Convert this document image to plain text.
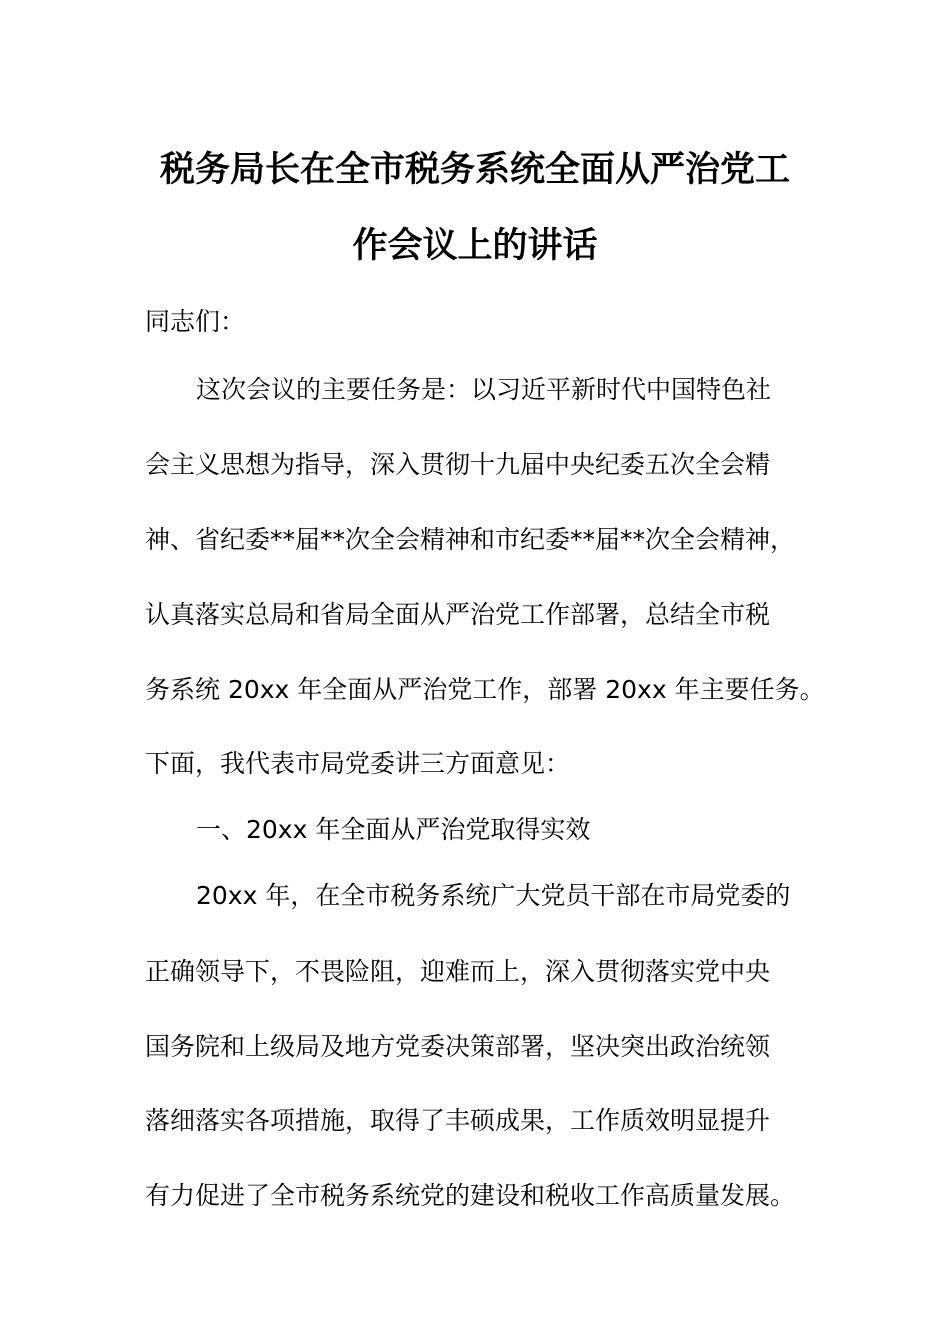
税务局长在全市税务系统全面从严治党工
作会议上的讲话
同志们：
这次会议的主要任务是：以习近平新时代中国特色社
会主义思想为指导，深入贯彻十九届中央纪委五次全会精
神、省纪委**届**次全会精神和市纪委**届**次全会精神，
认真落实总局和省局全面从严治党工作部署，总结全市税
务系统 20xx 年全面从严治党工作，部署 20xx 年主要任务。
下面，我代表市局党委讲三方面意见：
一、20xx 年全面从严治党取得实效
20xx 年，在全市税务系统广大党员干部在市局党委的
正确领导下，不畏险阻，迎难而上，深入贯彻落实党中央
国务院和上级局及地方党委决策部署，坚决突出政治统领
落细落实各项措施，取得了丰硕成果，工作质效明显提升
有力促进了全市税务系统党的建设和税收工作高质量发展。
